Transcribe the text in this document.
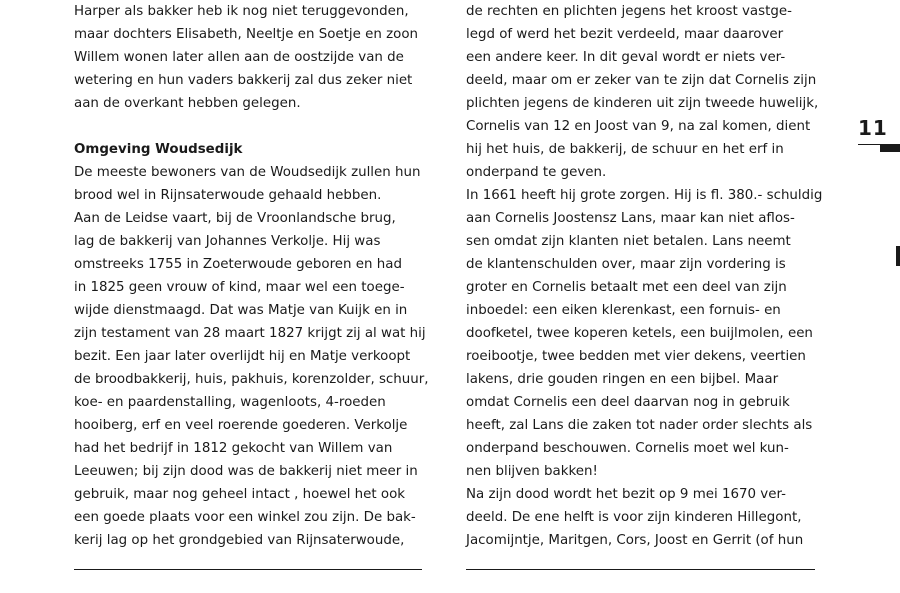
Harper als bakker heb ik nog niet teruggevonden,
maar dochters Elisabeth, Neeltje en Soetje en zoon
Willem wonen later allen aan de oostzijde van de
wetering en hun vaders bakkerij zal dus zeker niet
aan de overkant hebben gelegen.
Omgeving Woudsedijk
De meeste bewoners van de Woudsedijk zullen hun
brood wel in Rijnsaterwoude gehaald hebben.
Aan de Leidse vaart, bij de Vroonlandsche brug,
lag de bakkerij van Johannes Verkolje. Hij was
omstreeks 1755 in Zoeterwoude geboren en had
in 1825 geen vrouw of kind, maar wel een toege-
wijde dienstmaagd. Dat was Matje van Kuijk en in
zijn testament van 28 maart 1827 krijgt zij al wat hij
bezit. Een jaar later overlijdt hij en Matje verkoopt
de broodbakkerij, huis, pakhuis, korenzolder, schuur,
koe- en paardenstalling, wagenloots, 4-roeden
hooiberg, erf en veel roerende goederen. Verkolje
had het bedrijf in 1812 gekocht van Willem van
Leeuwen; bij zijn dood was de bakkerij niet meer in
gebruik, maar nog geheel intact , hoewel het ook
een goede plaats voor een winkel zou zijn. De bak-
kerij lag op het grondgebied van Rijnsaterwoude,
de rechten en plichten jegens het kroost vastge-
legd of werd het bezit verdeeld, maar daarover
een andere keer. In dit geval wordt er niets ver-
deeld, maar om er zeker van te zijn dat Cornelis zijn
plichten jegens de kinderen uit zijn tweede huwelijk,
Cornelis van 12 en Joost van 9, na zal komen, dient
hij het huis, de bakkerij, de schuur en het erf in
onderpand te geven.
In 1661 heeft hij grote zorgen. Hij is fl. 380.- schuldig
aan Cornelis Joostensz Lans, maar kan niet aflos-
sen omdat zijn klanten niet betalen. Lans neemt
de klantenschulden over, maar zijn vordering is
groter en Cornelis betaalt met een deel van zijn
inboedel: een eiken klerenkast, een fornuis- en
doofketel, twee koperen ketels, een buijlmolen, een
roeibootje, twee bedden met vier dekens, veertien
lakens, drie gouden ringen en een bijbel. Maar
omdat Cornelis een deel daarvan nog in gebruik
heeft, zal Lans die zaken tot nader order slechts als
onderpand beschouwen. Cornelis moet wel kun-
nen blijven bakken!
Na zijn dood wordt het bezit op 9 mei 1670 ver-
deeld. De ene helft is voor zijn kinderen Hillegont,
Jacomijntje, Maritgen, Cors, Joost en Gerrit (of hun
11
